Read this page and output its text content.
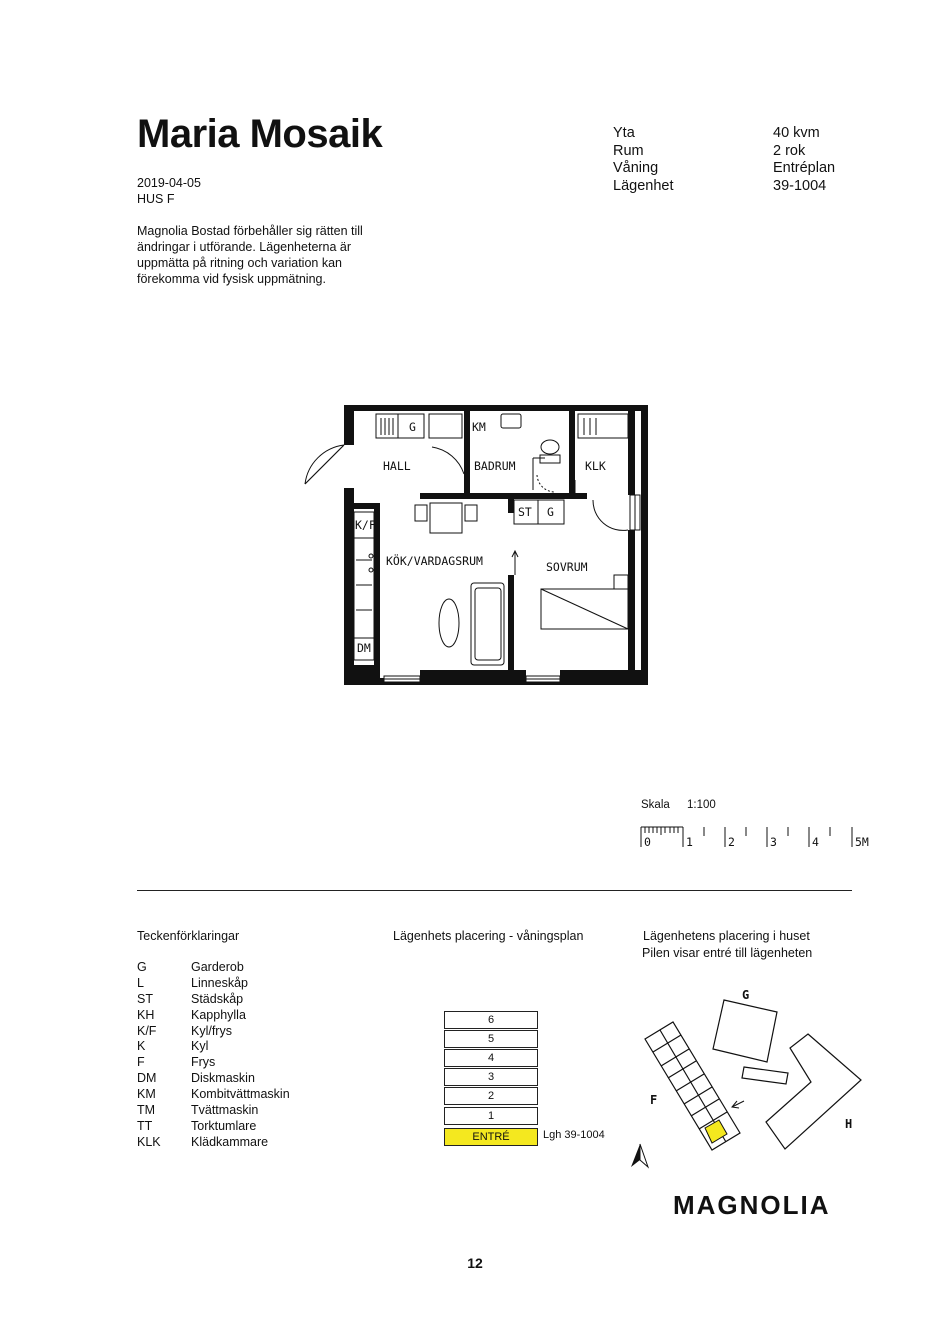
Maria Mosaik
2019-04-05
HUS F
Magnolia Bostad förbehåller sig rätten till
ändringar i utförande. Lägenheterna är
uppmätta på ritning och variation kan
förekomma vid fysisk uppmätning.
Yta	40 kvm
Rum	2 rok
Våning	Entréplan
Lägenhet	39-1004
G	KM
HALL	BADRUM	KLK
ST G
K/F
KÖK/VARDAGSRUM	SOVRUM
DM
Skala 1:100
0	1	2	3	4	5M
Teckenförklaringar
G	Garderob
L	Linneskåp
ST	Städskåp
KH	Kapphylla
K/F	Kyl/frys
K	Kyl
F	Frys
DM	Diskmaskin
KM	Kombitvättmaskin
TM	Tvättmaskin
TT	Torktumlare
KLK Klädkammare
Lägenhets placering - våningsplan
6
5
4
3
2
1
ENTRÉ	Lgh 39-1004
Lägenhetens placering i huset
Pilen visar entré till lägenheten
G
F
H
MAGNOLIA
12
